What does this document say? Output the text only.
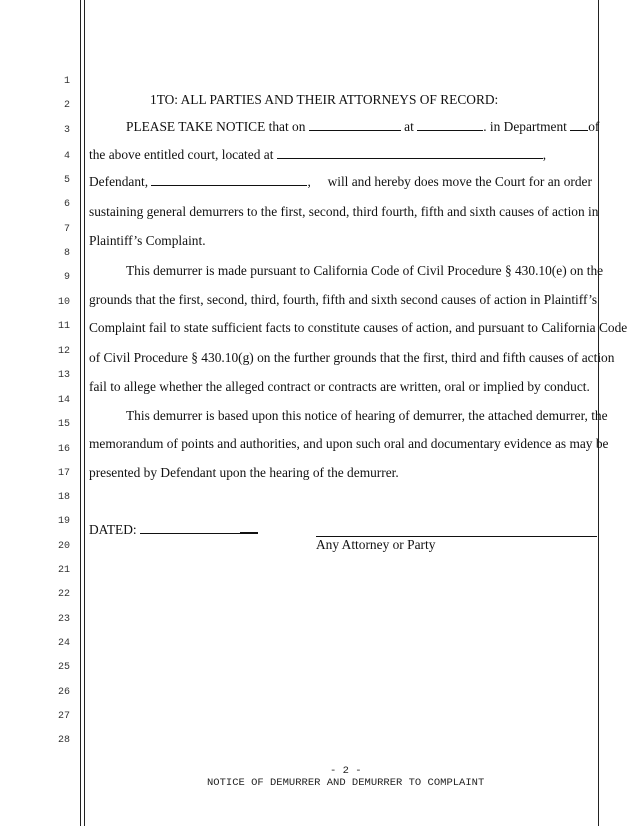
1
2
3
4
5
6
7
8
9
10
11
12
13
14
15
16
17
18
19
20
21
22
23
24
25
26
27
28
1TO: ALL PARTIES AND THEIR ATTORNEYS OF RECORD:
PLEASE TAKE NOTICE that on	at	. in Department of
the above entitled court, located at	,
Defendant,	, will and hereby does move the Court for an order
sustaining general demurrers to the first, second, third fourth, fifth and sixth causes of action in
Plaintiff’s Complaint.
This demurrer is made pursuant to California Code of Civil Procedure § 430.10(e) on the
grounds that the first, second, third, fourth, fifth and sixth second causes of action in Plaintiff’s
Complaint fail to state sufficient facts to constitute causes of action, and pursuant to California Code
of Civil Procedure § 430.10(g) on the further grounds that the first, third and fifth causes of action
fail to allege whether the alleged contract or contracts are written, oral or implied by conduct.
This demurrer is based upon this notice of hearing of demurrer, the attached demurrer, the
memorandum of points and authorities, and upon such oral and documentary evidence as may be
presented by Defendant upon the hearing of the demurrer.
DATED:
Any Attorney or Party
- 2 -
NOTICE OF DEMURRER AND DEMURRER TO COMPLAINT
